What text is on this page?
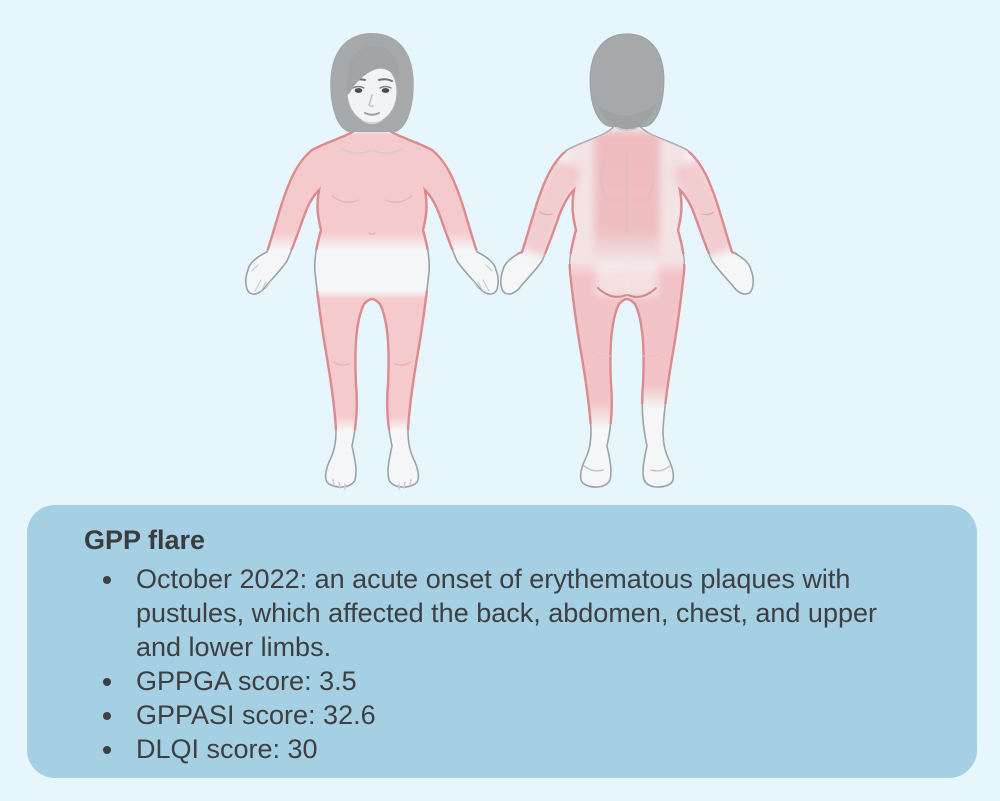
GPP flare
• October 2022: an acute onset of erythematous plaques with pustules, which affected the back, abdomen, chest, and upper and lower limbs.
• GPPGA score: 3.5
• GPPASI score: 32.6
• DLQI score: 30
